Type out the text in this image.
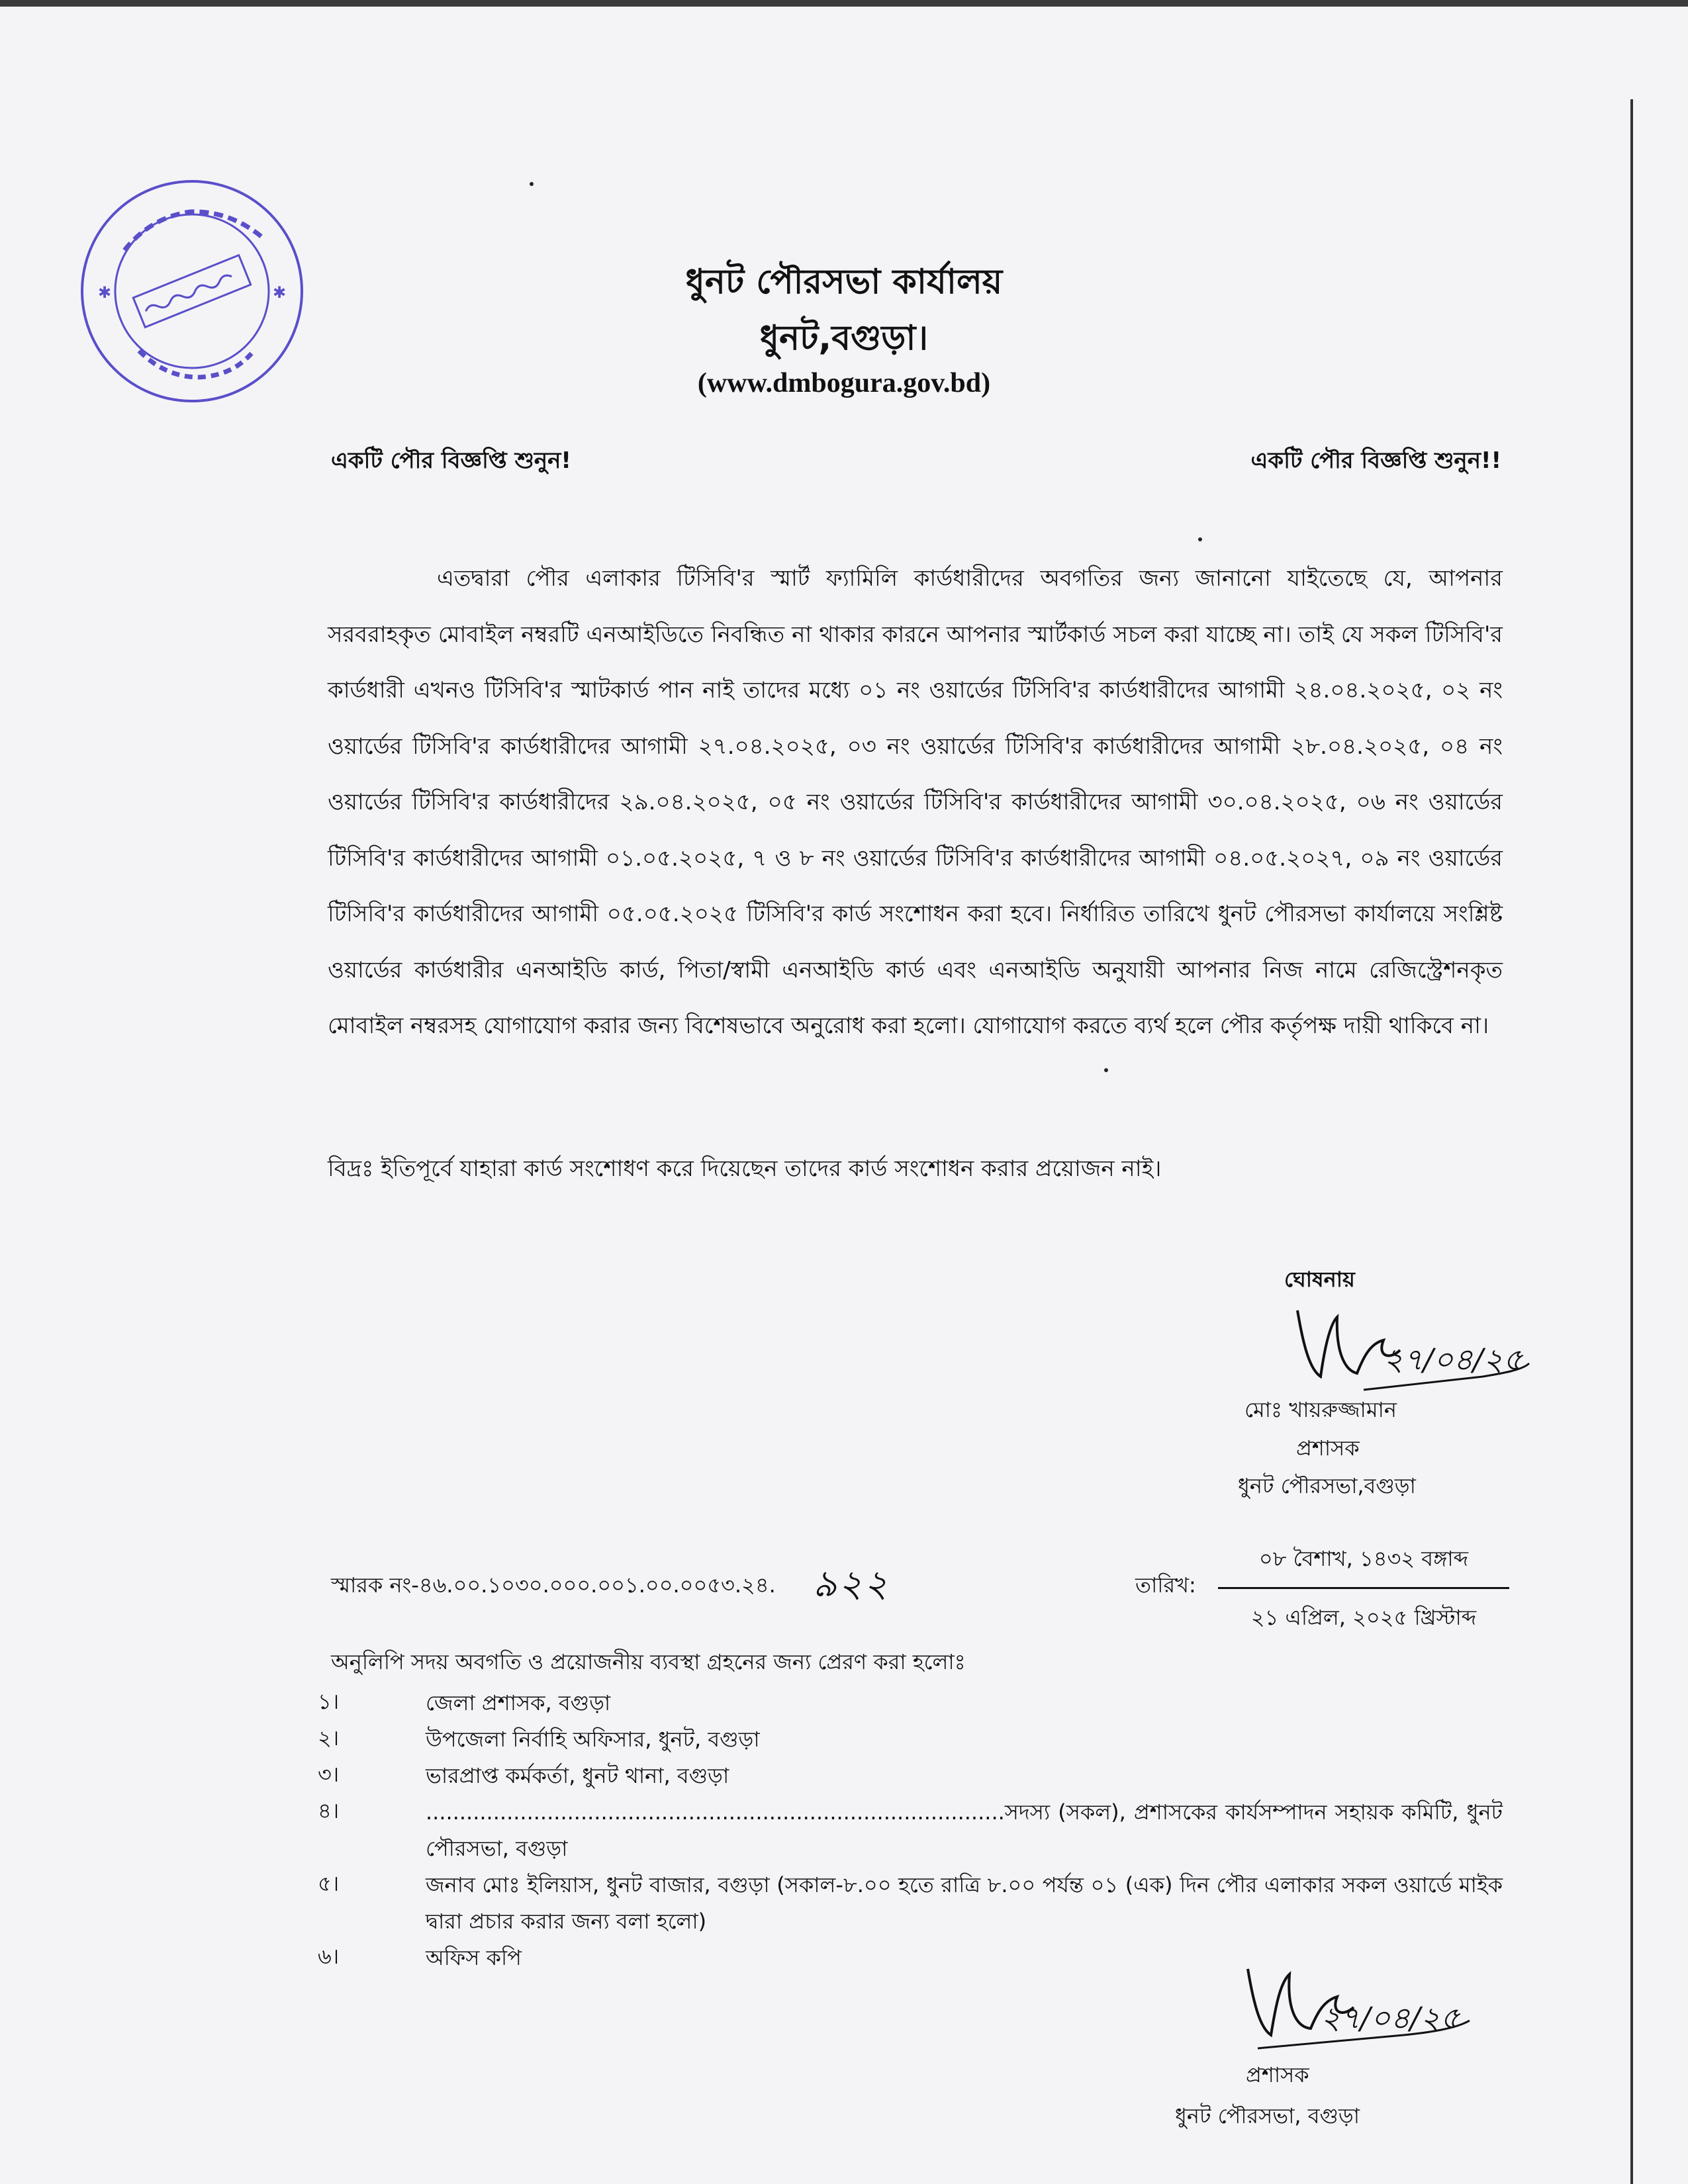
✱	✱	ধুনট পৌরসভা কার্যালয়
ধুনট,বগুড়া।
(www.dmbogura.gov.bd)
একটি পৌর বিজ্ঞপ্তি শুনুন!	একটি পৌর বিজ্ঞপ্তি শুনুন!!

এতদ্বারা পৌর এলাকার টিসিবি'র স্মার্ট ফ্যামিলি কার্ডধারীদের অবগতির জন্য জানানো যাইতেছে যে, আপনার সরবরাহকৃত মোবাইল নম্বরটি এনআইডিতে নিবন্ধিত না থাকার কারনে আপনার স্মার্টকার্ড সচল করা যাচ্ছে না। তাই যে সকল টিসিবি'র কার্ডধারী এখনও টিসিবি'র স্মাটকার্ড পান নাই তাদের মধ্যে ০১ নং ওয়ার্ডের টিসিবি'র কার্ডধারীদের আগামী ২৪.০৪.২০২৫, ০২ নং ওয়ার্ডের টিসিবি'র কার্ডধারীদের আগামী ২৭.০৪.২০২৫, ০৩ নং ওয়ার্ডের টিসিবি'র কার্ডধারীদের আগামী ২৮.০৪.২০২৫, ০৪ নং ওয়ার্ডের টিসিবি'র কার্ডধারীদের ২৯.০৪.২০২৫, ০৫ নং ওয়ার্ডের টিসিবি'র কার্ডধারীদের আগামী ৩০.০৪.২০২৫, ০৬ নং ওয়ার্ডের টিসিবি'র কার্ডধারীদের আগামী ০১.০৫.২০২৫, ৭ ও ৮ নং ওয়ার্ডের টিসিবি'র কার্ডধারীদের আগামী ০৪.০৫.২০২৭, ০৯ নং ওয়ার্ডের টিসিবি'র কার্ডধারীদের আগামী ০৫.০৫.২০২৫ টিসিবি'র কার্ড সংশোধন করা হবে। নির্ধারিত তারিখে ধুনট পৌরসভা কার্যালয়ে সংশ্লিষ্ট ওয়ার্ডের কার্ডধারীর এনআইডি কার্ড, পিতা/স্বামী এনআইডি কার্ড এবং এনআইডি অনুযায়ী আপনার নিজ নামে রেজিস্ট্রেশনকৃত মোবাইল নম্বরসহ যোগাযোগ করার জন্য বিশেষভাবে অনুরোধ করা হলো। যোগাযোগ করতে ব্যর্থ হলে পৌর কর্তৃপক্ষ দায়ী থাকিবে না।

বিদ্রঃ ইতিপূর্বে যাহারা কার্ড সংশোধণ করে দিয়েছেন তাদের কার্ড সংশোধন করার প্রয়োজন নাই।
ঘোষনায়
২৭/০৪/২৫
মোঃ খায়রুজ্জামান
প্রশাসক
ধুনট পৌরসভা,বগুড়া
স্মারক নং-৪৬.০০.১০৩০.০০০.০০১.০০.০০৫৩.২৪. ৯২২	তারিখ:
০৮ বৈশাখ, ১৪৩২ বঙ্গাব্দ
২১ এপ্রিল, ২০২৫ খ্রিস্টাব্দ
অনুলিপি সদয় অবগতি ও প্রয়োজনীয় ব্যবস্থা গ্রহনের জন্য প্রেরণ করা হলোঃ
১।	জেলা প্রশাসক, বগুড়া
২।	উপজেলা নির্বাহি অফিসার, ধুনট, বগুড়া
৩।	ভারপ্রাপ্ত কর্মকর্তা, ধুনট থানা, বগুড়া
৪।	......................................................................................সদস্য (সকল), প্রশাসকের কার্যসম্পাদন সহায়ক কমিটি, ধুনট পৌরসভা, বগুড়া
৫।	জনাব মোঃ ইলিয়াস, ধুনট বাজার, বগুড়া (সকাল-৮.০০ হতে রাত্রি ৮.০০ পর্যন্ত ০১ (এক) দিন পৌর এলাকার সকল ওয়ার্ডে মাইক দ্বারা প্রচার করার জন্য বলা হলো)
৬।	অফিস কপি
২৭/০৪/২৫
প্রশাসক
ধুনট পৌরসভা, বগুড়া
